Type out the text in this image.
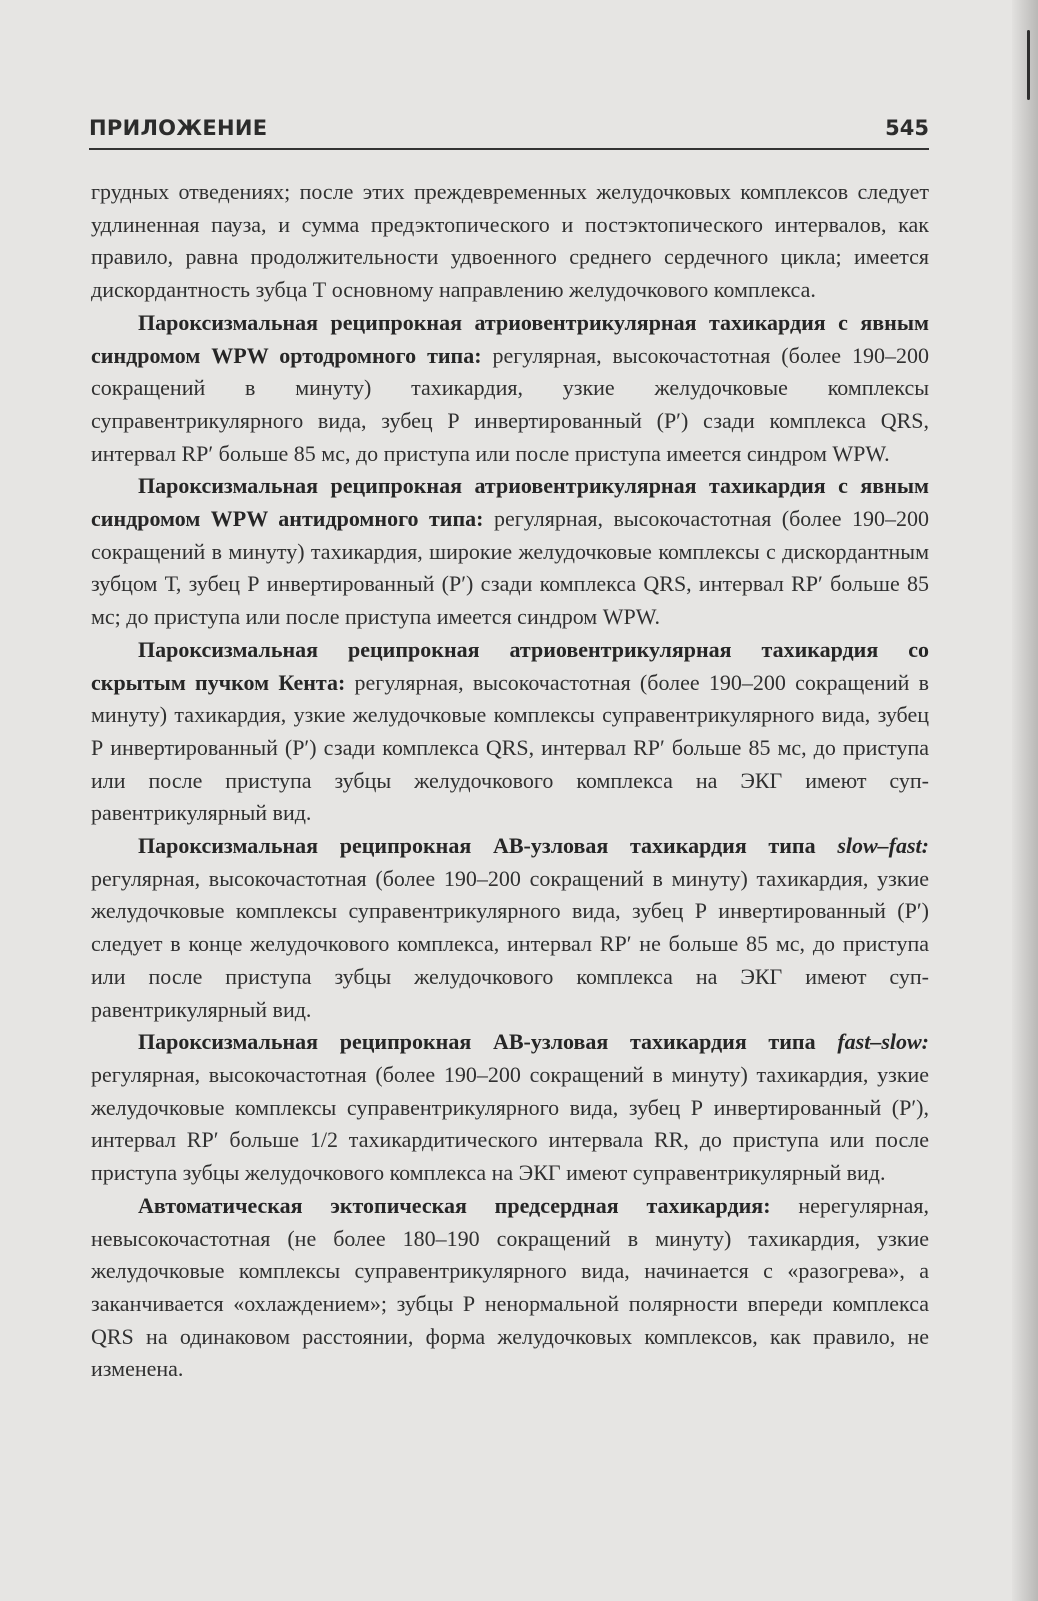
ПРИЛОЖЕНИЕ	545

грудных отведениях; после этих преждевременных желудочковых комплексов следует удлиненная пауза, и сумма предэктопического и постэктопического интервалов, как правило, равна продолжительности удвоенного среднего сердечного цикла; имеется дискордантность зубца Т основному направлению желудочкового комплекса.

Пароксизмальная реципрокная атриовентрикулярная тахикардия с явным синдромом WPW ортодромного типа: регулярная, высокочастотная (более 190–200 сокращений в минуту) тахикардия, узкие желудочковые комплексы суправентрикулярного вида, зубец Р инвертированный (Р′) сзади комплекса QRS, интервал RP′ больше 85 мс, до приступа или после приступа имеется синдром WPW.

Пароксизмальная реципрокная атриовентрикулярная тахикардия с явным синдромом WPW антидромного типа: регулярная, высокочастотная (более 190–200 сокращений в минуту) тахикардия, широкие желудочковые комплексы с дискордантным зубцом Т, зубец Р инвертированный (Р′) сзади комплекса QRS, интервал RP′ больше 85 мс; до приступа или после приступа имеется синдром WPW.

Пароксизмальная реципрокная атриовентрикулярная тахикардия со скрытым пучком Кента: регулярная, высокочастотная (более 190–200 сокращений в минуту) тахикардия, узкие желудочковые комплексы суправентрикулярного вида, зубец Р инвертированный (Р′) сзади комплекса QRS, интервал RP′ больше 85 мс, до приступа или после приступа зубцы желудочкового комплекса на ЭКГ имеют суправентрикулярный вид.

Пароксизмальная реципрокная АВ-узловая тахикардия типа slow–fast: регулярная, высокочастотная (более 190–200 сокращений в минуту) тахикардия, узкие желудочковые комплексы суправентрикулярного вида, зубец Р инвертированный (Р′) следует в конце желудочкового комплекса, интервал RP′ не больше 85 мс, до приступа или после приступа зубцы желудочкового комплекса на ЭКГ имеют суправентрикулярный вид.

Пароксизмальная реципрокная АВ-узловая тахикардия типа fast–slow: регулярная, высокочастотная (более 190–200 сокращений в минуту) тахикардия, узкие желудочковые комплексы суправентрикулярного вида, зубец Р инвертированный (Р′), интервал RP′ больше 1/2 тахикардитического интервала RR, до приступа или после приступа зубцы желудочкового комплекса на ЭКГ имеют суправентрикулярный вид.

Автоматическая эктопическая предсердная тахикардия: нерегулярная, невысокочастотная (не более 180–190 сокращений в минуту) тахикардия, узкие желудочковые комплексы суправентрикулярного вида, начинается с «разогрева», а заканчивается «охлаждением»; зубцы Р ненормальной полярности впереди комплекса QRS на одинаковом расстоянии, форма желудочковых комплексов, как правило, не изменена.
